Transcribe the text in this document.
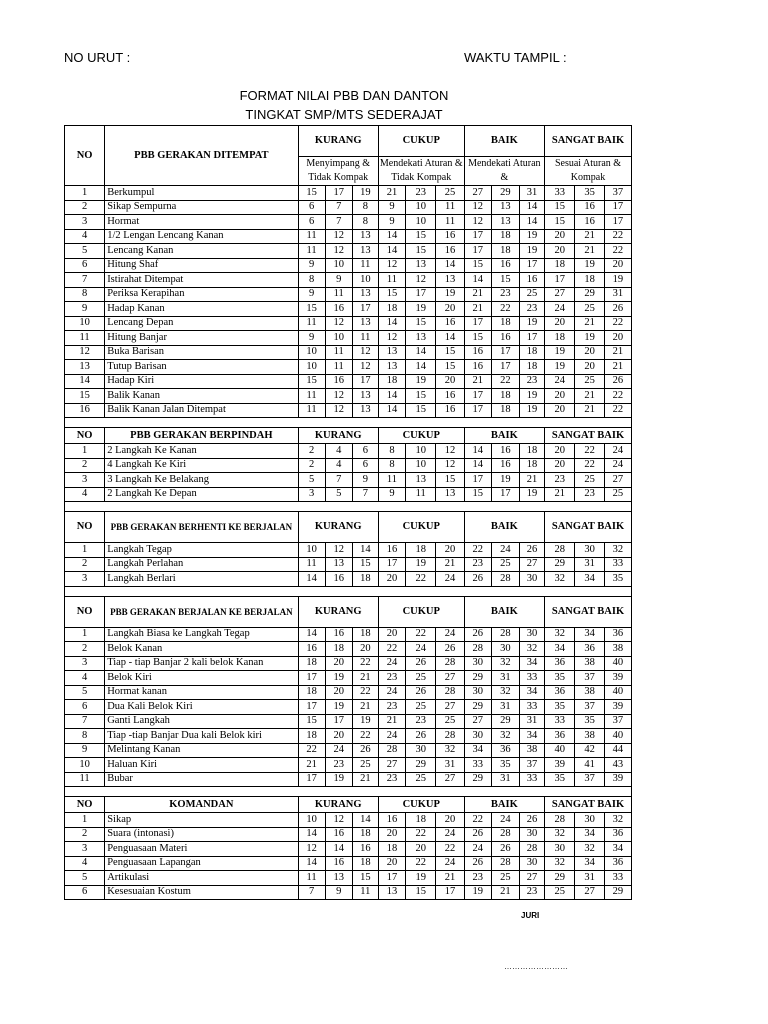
NO URUT :	WAKTU TAMPIL :
FORMAT NILAI PBB DAN DANTON
TINGKAT SMP/MTS SEDERAJAT
NO	PBB GERAKAN DITEMPAT	KURANG			CUKUP			BAIK			SANGAT BAIK		
		Menyimpang & Tidak Kompak			Mendekati Aturan & Tidak Kompak			Mendekati Aturan &			Sesuai Aturan & Kompak		
1	Berkumpul	15	17	19	21	23	25	27	29	31	33	35	37
2	Sikap Sempurna	6	7	8	9	10	11	12	13	14	15	16	17
3	Hormat	6	7	8	9	10	11	12	13	14	15	16	17
4	1/2 Lengan Lencang Kanan	11	12	13	14	15	16	17	18	19	20	21	22
5	Lencang Kanan	11	12	13	14	15	16	17	18	19	20	21	22
6	Hitung Shaf	9	10	11	12	13	14	15	16	17	18	19	20
7	Istirahat Ditempat	8	9	10	11	12	13	14	15	16	17	18	19
8	Periksa Kerapihan	9	11	13	15	17	19	21	23	25	27	29	31
9	Hadap Kanan	15	16	17	18	19	20	21	22	23	24	25	26
10	Lencang Depan	11	12	13	14	15	16	17	18	19	20	21	22
11	Hitung Banjar	9	10	11	12	13	14	15	16	17	18	19	20
12	Buka Barisan	10	11	12	13	14	15	16	17	18	19	20	21
13	Tutup Barisan	10	11	12	13	14	15	16	17	18	19	20	21
14	Hadap Kiri	15	16	17	18	19	20	21	22	23	24	25	26
15	Balik Kanan	11	12	13	14	15	16	17	18	19	20	21	22
16	Balik Kanan Jalan Ditempat	11	12	13	14	15	16	17	18	19	20	21	22

NO	PBB GERAKAN BERPINDAH	KURANG			CUKUP			BAIK			SANGAT BAIK		
1	2 Langkah Ke Kanan	2	4	6	8	10	12	14	16	18	20	22	24
2	4 Langkah Ke Kiri	2	4	6	8	10	12	14	16	18	20	22	24
3	3 Langkah Ke Belakang	5	7	9	11	13	15	17	19	21	23	25	27
4	2 Langkah Ke Depan	3	5	7	9	11	13	15	17	19	21	23	25

NO	PBB GERAKAN BERHENTI KE BERJALAN	KURANG			CUKUP			BAIK			SANGAT BAIK		
1	Langkah Tegap	10	12	14	16	18	20	22	24	26	28	30	32
2	Langkah Perlahan	11	13	15	17	19	21	23	25	27	29	31	33
3	Langkah Berlari	14	16	18	20	22	24	26	28	30	32	34	35

NO	PBB GERAKAN BERJALAN KE BERJALAN	KURANG			CUKUP			BAIK			SANGAT BAIK		
1	Langkah Biasa ke Langkah Tegap	14	16	18	20	22	24	26	28	30	32	34	36
2	Belok Kanan	16	18	20	22	24	26	28	30	32	34	36	38
3	Tiap - tiap Banjar 2 kali belok Kanan	18	20	22	24	26	28	30	32	34	36	38	40
4	Belok Kiri	17	19	21	23	25	27	29	31	33	35	37	39
5	Hormat kanan	18	20	22	24	26	28	30	32	34	36	38	40
6	Dua Kali Belok Kiri	17	19	21	23	25	27	29	31	33	35	37	39
7	Ganti Langkah	15	17	19	21	23	25	27	29	31	33	35	37
8	Tiap -tiap Banjar Dua kali Belok kiri	18	20	22	24	26	28	30	32	34	36	38	40
9	Melintang Kanan	22	24	26	28	30	32	34	36	38	40	42	44
10	Haluan Kiri	21	23	25	27	29	31	33	35	37	39	41	43
11	Bubar	17	19	21	23	25	27	29	31	33	35	37	39

NO	KOMANDAN	KURANG			CUKUP			BAIK			SANGAT BAIK		
1	Sikap	10	12	14	16	18	20	22	24	26	28	30	32
2	Suara (intonasi)	14	16	18	20	22	24	26	28	30	32	34	36
3	Penguasaan Materi	12	14	16	18	20	22	24	26	28	30	32	34
4	Penguasaan Lapangan	14	16	18	20	22	24	26	28	30	32	34	36
5	Artikulasi	11	13	15	17	19	21	23	25	27	29	31	33
6	Kesesuaian Kostum	7	9	11	13	15	17	19	21	23	25	27	29
JURI
……………………
